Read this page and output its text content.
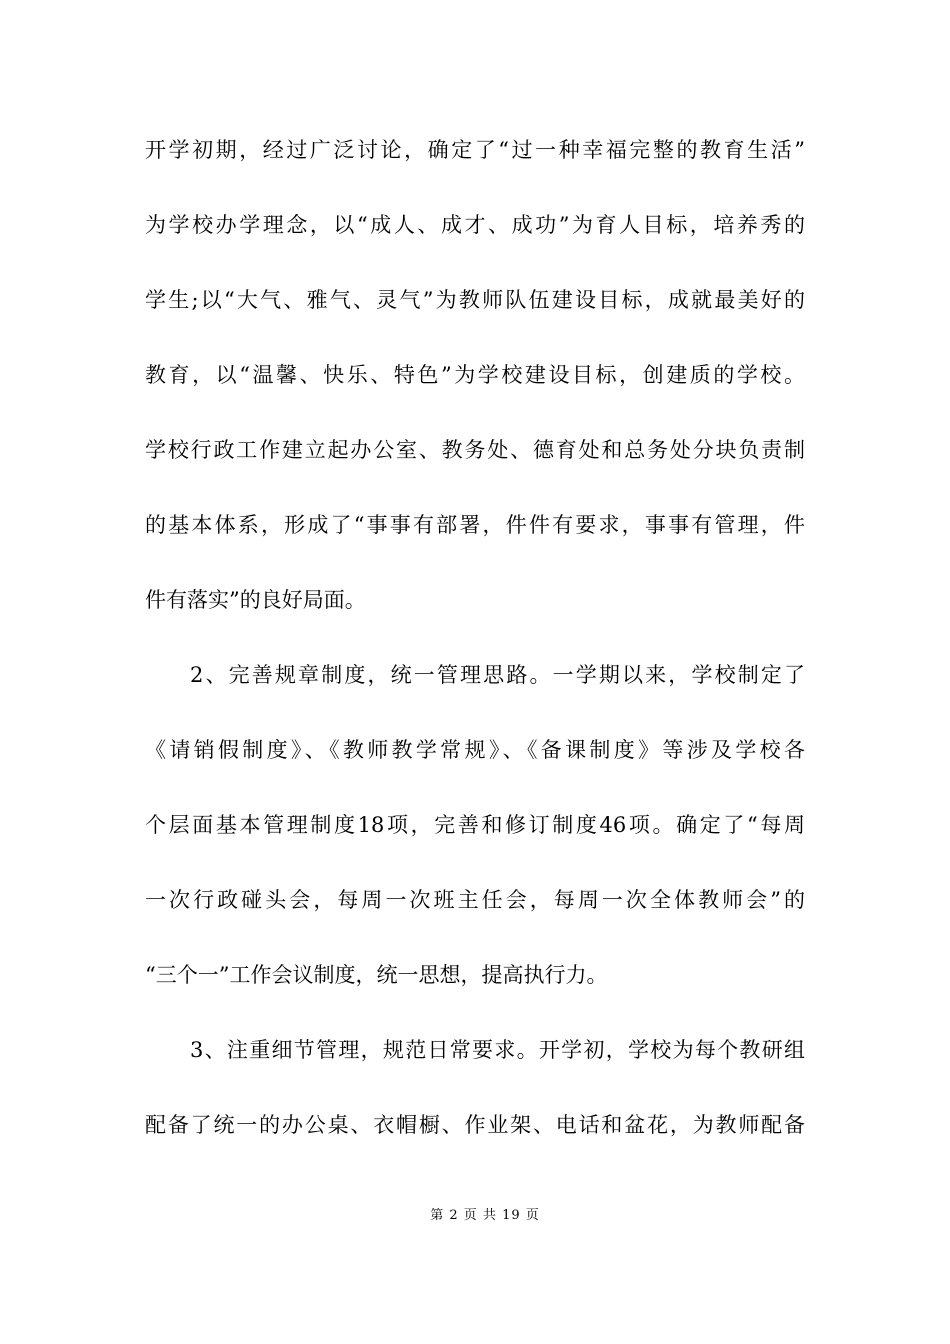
开学初期，经过广泛讨论，确定了“过一种幸福完整的教育生活”
为学校办学理念，以“成人、成才、成功”为育人目标，培养秀的
学生;以“大气、雅气、灵气”为教师队伍建设目标，成就最美好的
教育，以“温馨、快乐、特色”为学校建设目标，创建质的学校。
学校行政工作建立起办公室、教务处、德育处和总务处分块负责制
的基本体系，形成了“事事有部署，件件有要求，事事有管理，件
件有落实”的良好局面。
2、完善规章制度，统一管理思路。一学期以来，学校制定了
《请销假制度》、《教师教学常规》、《备课制度》等涉及学校各
个层面基本管理制度18项，完善和修订制度46项。确定了“每周
一次行政碰头会，每周一次班主任会，每周一次全体教师会”的
“三个一”工作会议制度，统一思想，提高执行力。
3、注重细节管理，规范日常要求。开学初，学校为每个教研组
配备了统一的办公桌、衣帽橱、作业架、电话和盆花，为教师配备
第 2 页 共 19 页
